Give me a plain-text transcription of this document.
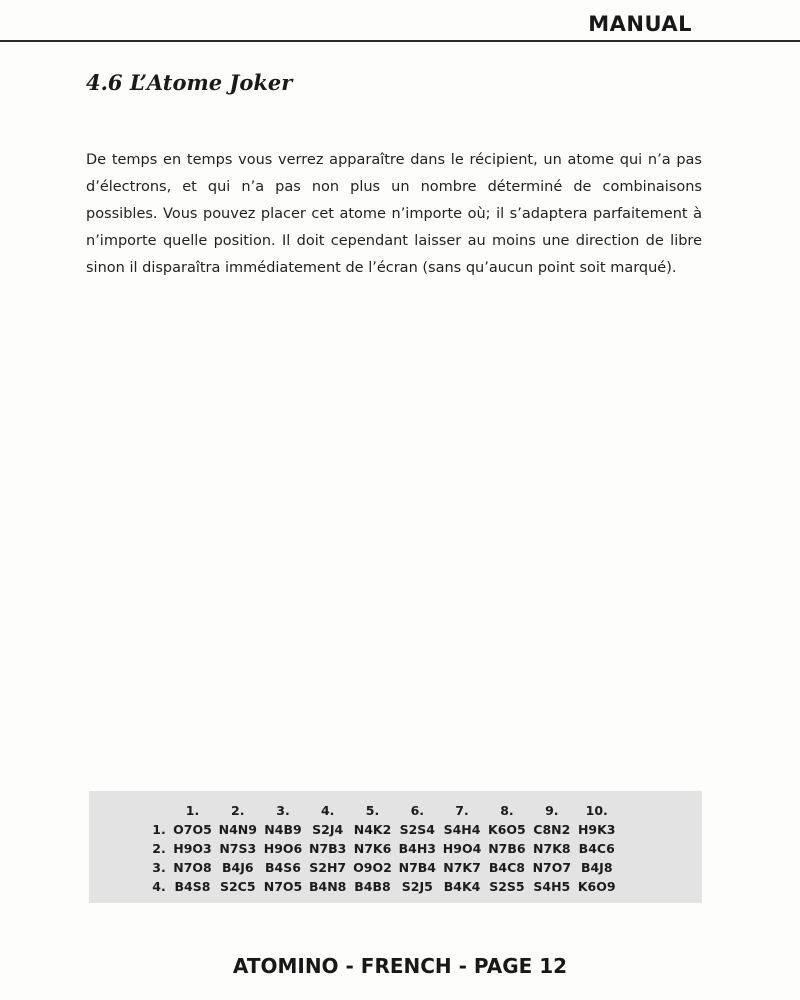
MANUAL
4.6 L’Atome Joker

De temps en temps vous verrez apparaître dans le récipient, un atome qui n’a pas d’électrons, et qui n’a pas non plus un nombre déterminé de combinaisons possibles. Vous pouvez placer cet atome n’importe où; il s’adaptera parfaitement à n’importe quelle position. Il doit cependant laisser au moins une direction de libre sinon il disparaîtra immédiatement de l’écran (sans qu’aucun point soit marqué).

	1.	2.	3.	4.	5.	6.	7.	8.	9.	10.
1.	O7O5	N4N9	N4B9	S2J4	N4K2	S2S4	S4H4	K6O5	C8N2	H9K3
2.	H9O3	N7S3	H9O6	N7B3	N7K6	B4H3	H9O4	N7B6	N7K8	B4C6
3.	N7O8	B4J6	B4S6	S2H7	O9O2	N7B4	N7K7	B4C8	N7O7	B4J8
4.	B4S8	S2C5	N7O5	B4N8	B4B8	S2J5	B4K4	S2S5	S4H5	K6O9
ATOMINO - FRENCH - PAGE 12
